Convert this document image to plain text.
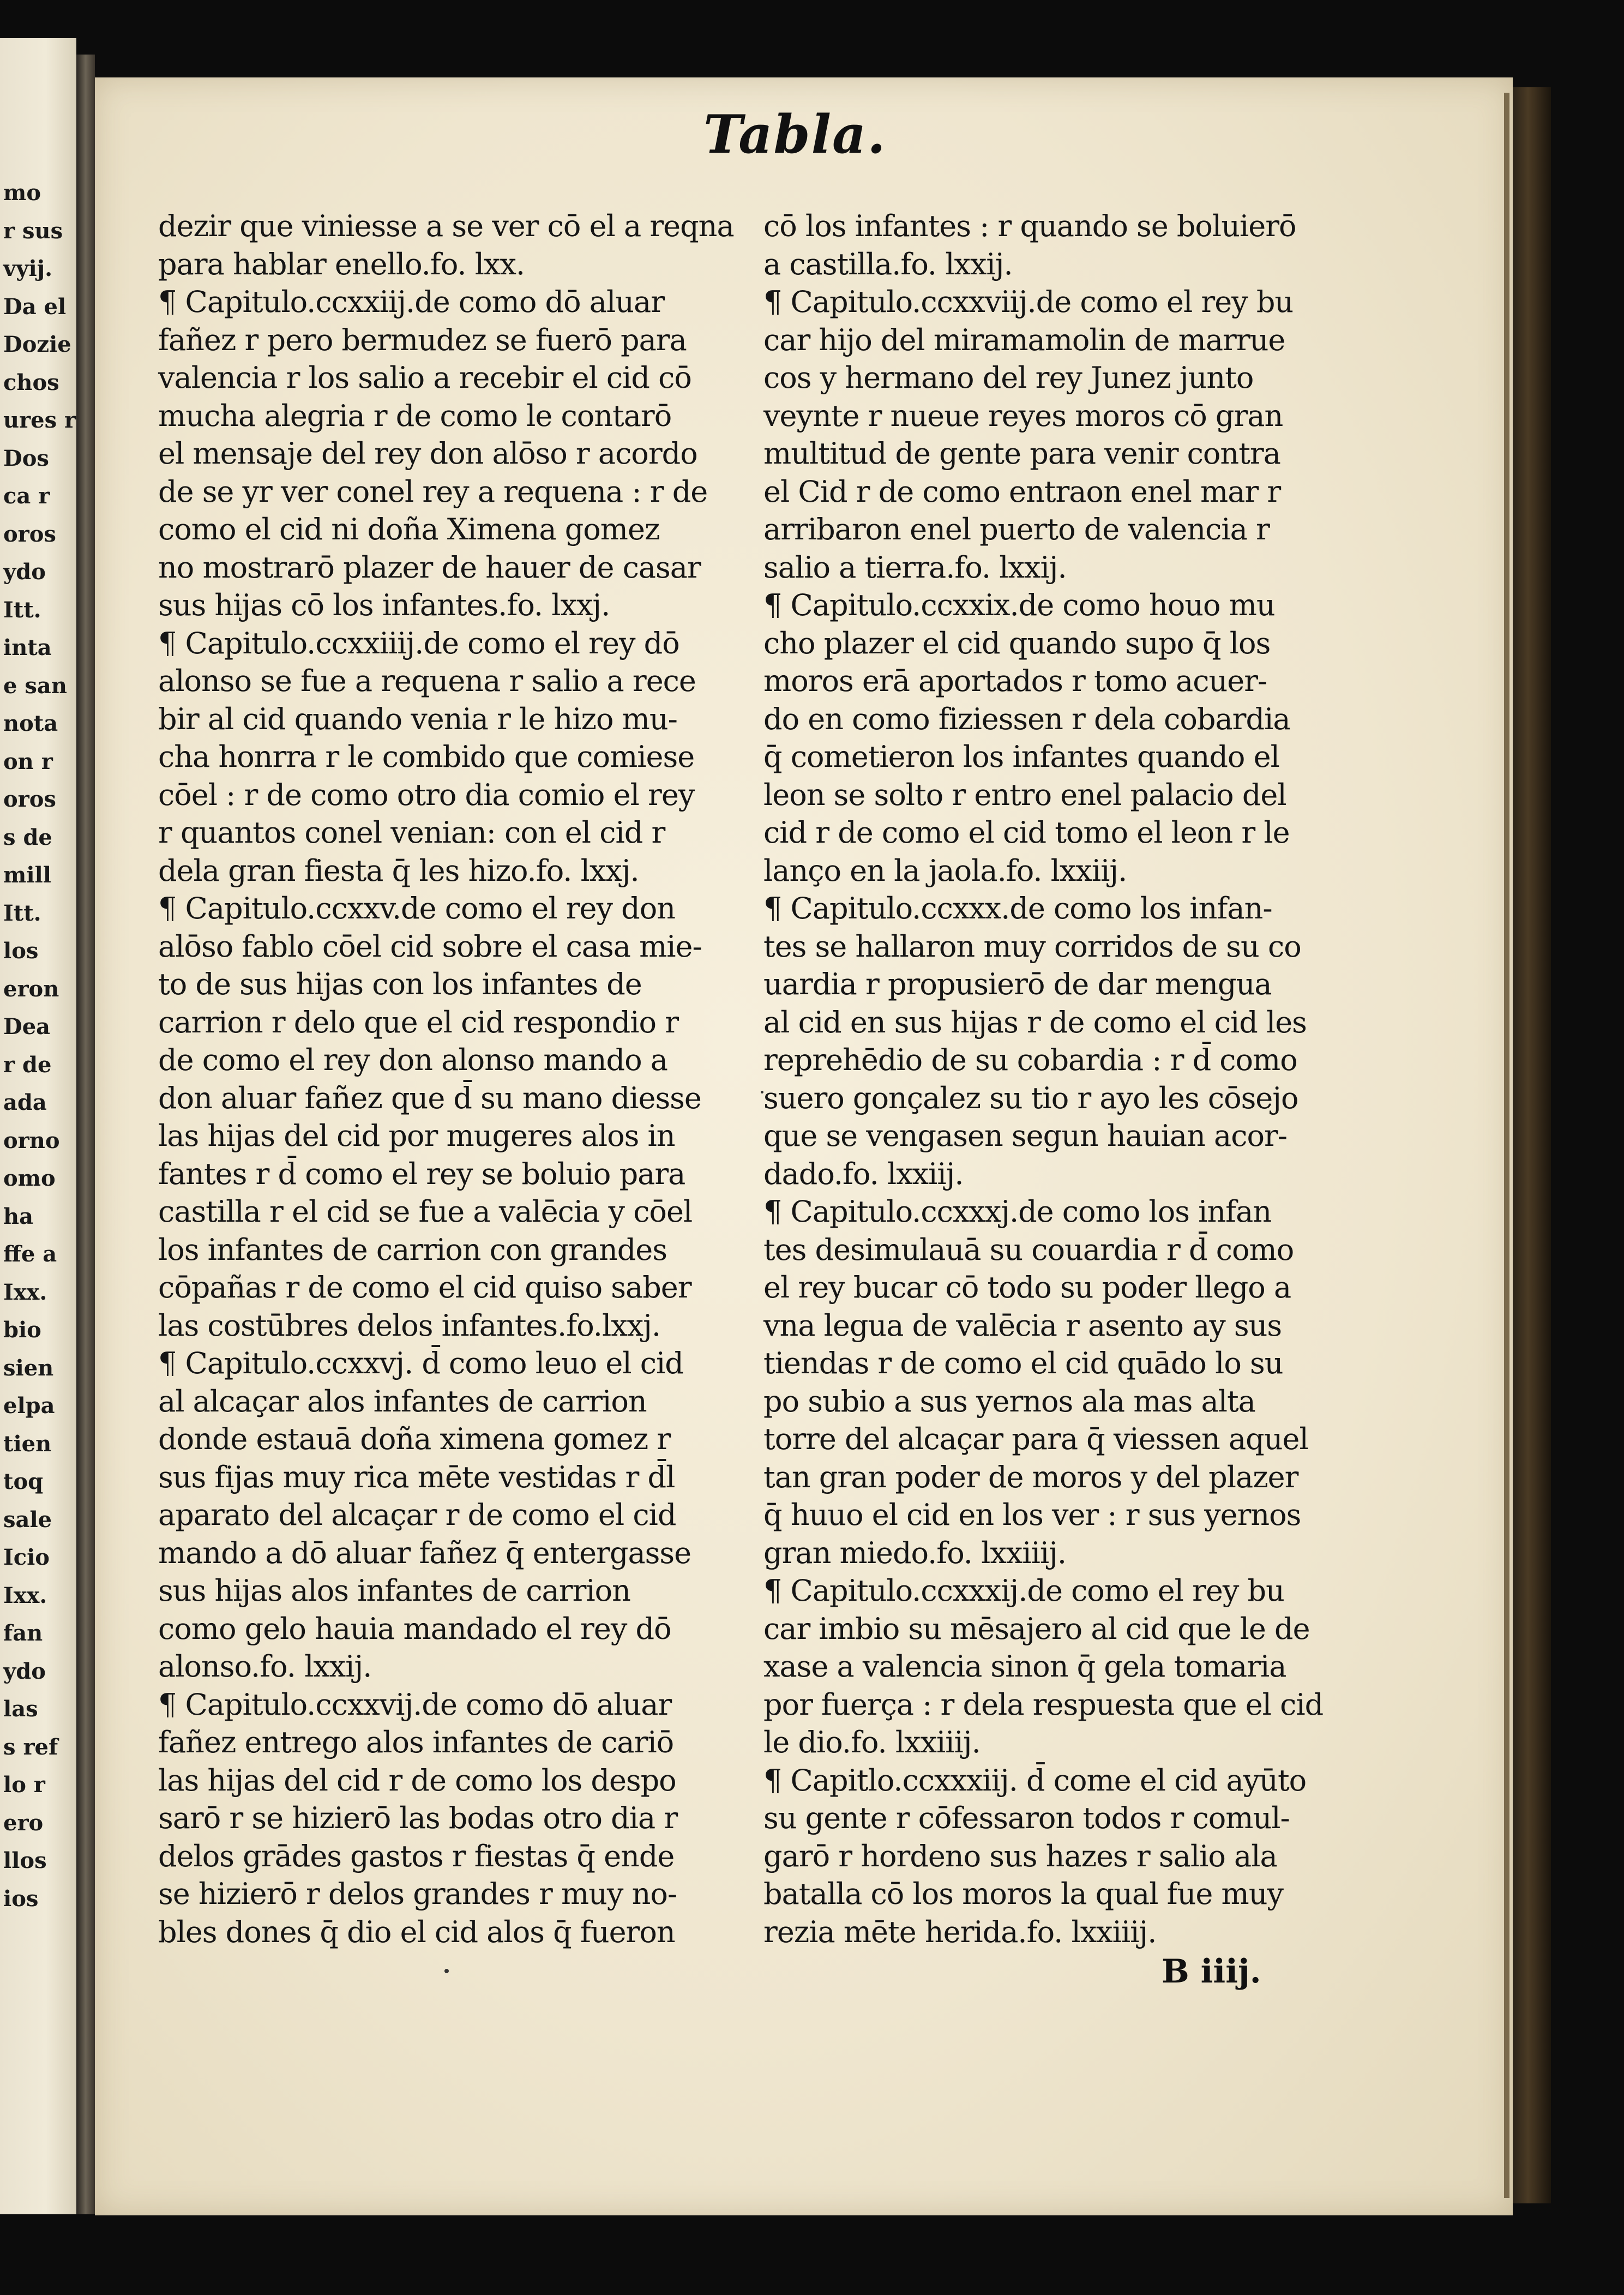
mo
r sus
vyij.
Da el
Dozie
chos
ures r
Dos
ca r
oros
ydo
Itt.
inta
e san
nota
on r
oros
s de
mill
Itt.
los
eron
Dea
r de
ada
orno
omo
ha
ffe a
Ixx.
bio
sien
elpa
tien
toq
sale
Icio
Ixx.
fan
ydo
las
s ref
lo r
ero
llos
ios
Tabla.
dezir que viniesse a se ver cō el a reqna
para hablar enello.fo. lxx.
¶ Capitulo.ccxxiij.de como dō aluar
fañez r pero bermudez se fuerō para
valencia r los salio a recebir el cid cō
mucha alegria r de como le contarō
el mensaje del rey don alōso r acordo
de se yr ver conel rey a requena : r de
como el cid ni doña Ximena gomez
no mostrarō plazer de hauer de casar
sus hijas cō los infantes.fo. lxxj.
¶ Capitulo.ccxxiiij.de como el rey dō
alonso se fue a requena r salio a rece
bir al cid quando venia r le hizo mu-
cha honrra r le combido que comiese
cōel : r de como otro dia comio el rey
r quantos conel venian: con el cid r
dela gran fiesta q̄ les hizo.fo. lxxj.
¶ Capitulo.ccxxv.de como el rey don
alōso fablo cōel cid sobre el casa mie-
to de sus hijas con los infantes de
carrion r delo que el cid respondio r
de como el rey don alonso mando a
don aluar fañez que d̄ su mano diesse
las hijas del cid por mugeres alos in
fantes r d̄ como el rey se boluio para
castilla r el cid se fue a valēcia y cōel
los infantes de carrion con grandes
cōpañas r de como el cid quiso saber
las costūbres delos infantes.fo.lxxj.
¶ Capitulo.ccxxvj. d̄ como leuo el cid
al alcaçar alos infantes de carrion
donde estauā doña ximena gomez r
sus fijas muy rica mēte vestidas r d̄l
aparato del alcaçar r de como el cid
mando a dō aluar fañez q̄ entergasse
sus hijas alos infantes de carrion
como gelo hauia mandado el rey dō
alonso.fo. lxxij.
¶ Capitulo.ccxxvij.de como dō aluar
fañez entrego alos infantes de cariō
las hijas del cid r de como los despo
sarō r se hizierō las bodas otro dia r
delos grādes gastos r fiestas q̄ ende
se hizierō r delos grandes r muy no-
bles dones q̄ dio el cid alos q̄ fueron
cō los infantes : r quando se boluierō
a castilla.fo. lxxij.
¶ Capitulo.ccxxviij.de como el rey bu
car hijo del miramamolin de marrue
cos y hermano del rey Junez junto
veynte r nueue reyes moros cō gran
multitud de gente para venir contra
el Cid r de como entraon enel mar r
arribaron enel puerto de valencia r
salio a tierra.fo. lxxij.
¶ Capitulo.ccxxix.de como houo mu
cho plazer el cid quando supo q̄ los
moros erā aportados r tomo acuer-
do en como fiziessen r dela cobardia
q̄ cometieron los infantes quando el
leon se solto r entro enel palacio del
cid r de como el cid tomo el leon r le
lanço en la jaola.fo. lxxiij.
¶ Capitulo.ccxxx.de como los infan-
tes se hallaron muy corridos de su co
uardia r propusierō de dar mengua
al cid en sus hijas r de como el cid les
reprehēdio de su cobardia : r d̄ como
suero gonçalez su tio r ayo les cōsejo
que se vengasen segun hauian acor-
dado.fo. lxxiij.
¶ Capitulo.ccxxxj.de como los infan
tes desimulauā su couardia r d̄ como
el rey bucar cō todo su poder llego a
vna legua de valēcia r asento ay sus
tiendas r de como el cid quādo lo su
po subio a sus yernos ala mas alta
torre del alcaçar para q̄ viessen aquel
tan gran poder de moros y del plazer
q̄ huuo el cid en los ver : r sus yernos
gran miedo.fo. lxxiiij.
¶ Capitulo.ccxxxij.de como el rey bu
car imbio su mēsajero al cid que le de
xase a valencia sinon q̄ gela tomaria
por fuerça : r dela respuesta que el cid
le dio.fo. lxxiiij.
¶ Capitlo.ccxxxiij. d̄ come el cid ayūto
su gente r cōfessaron todos r comul-
garō r hordeno sus hazes r salio ala
batalla cō los moros la qual fue muy
rezia mēte herida.fo. lxxiiij.
B iiij.
